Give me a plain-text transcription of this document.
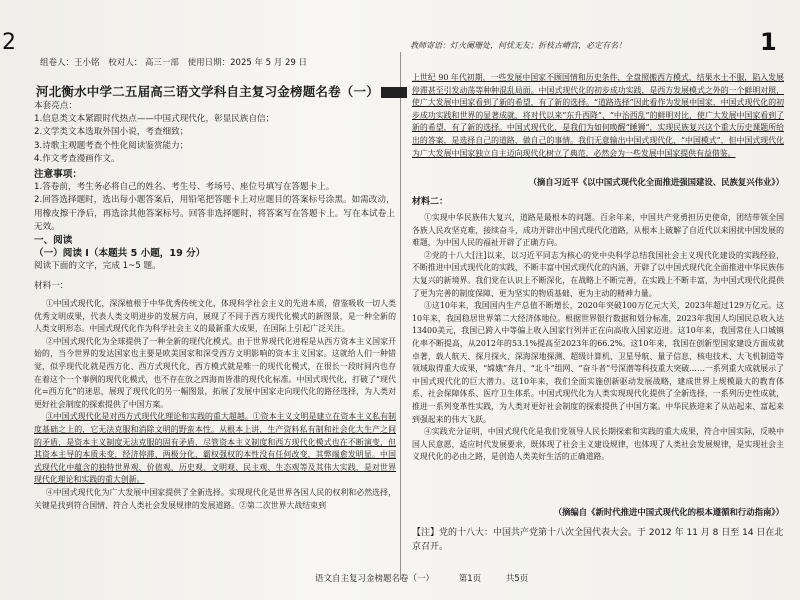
2	1
组卷人：王小铭 校对人： 高三一部 使用日期：2025 年 5 月 29 日
河北衡水中学二五届高三语文学科自主复习金榜题名卷（一）

本套亮点：

1.信息类文本紧跟时代热点——中国式现代化，彰显民族自信；

2.文学类文本选取外国小说，考查细致；

3.诗歌主观题考查个性化阅读鉴赏能力；

4.作文考查漫画作文。

注意事项：

1.答卷前，考生务必将自己的姓名、考生号、考场号、座位号填写在答题卡上。

2.回答选择题时，选出每小题答案后，用铅笔把答题卡上对应题目的答案标号涂黑。如需改动，用橡皮擦干净后，再选涂其他答案标号。回答非选择题时，将答案写在答题卡上。写在本试卷上无效。

一、阅读

（一）阅读 I（本题共 5 小题，19 分）

阅读下面的文字，完成 1~5 题。

材料一：

①中国式现代化，深深植根于中华优秀传统文化，体现科学社会主义的先进本质，借鉴吸收一切人类优秀文明成果，代表人类文明进步的发展方向，展现了不同于西方现代化模式的新图景，是一种全新的人类文明形态。中国式现代化作为科学社会主义的最新重大成果，在国际上引起广泛关注。

②中国式现代化为全球提供了一种全新的现代化模式。由于世界现代化进程是从西方资本主义国家开始的，当今世界的发达国家也主要是欧美国家和深受西方文明影响的资本主义国家。这就给人们一种错觉，似乎现代化就是西方化、西方式现代化，西方模式就是唯一的现代化模式，在很长一段时间内也存在着这个一个事例的现代化模式，也不存在放之四海而皆准的现代化标准。中国式现代化，打破了“现代化=西方化”的迷思，展现了现代化的另一幅图景，拓展了发展中国家走向现代化的路径选择，为人类对更好社会制度的探索提供了中国方案。

③中国式现代化是对西方式现代化理论和实践的重大超越。①资本主义文明是建立在资本主义私有制度基础之上的，它无法克服和消除文明的野蛮本性。从根本上讲，生产资料私有制和社会化大生产之间的矛盾，是资本主义制度无法克服的固有矛盾，尽管资本主义制度和西方现代化模式也在不断演变，但其资本主导的本质未变，经济停滞、两极分化、霸权强权的本性没有任何改变，其弊端愈发明显。中国式现代化中蕴含的独特世界观、价值观、历史观、文明观、民主观、生态观等及其伟大实践，是对世界现代化理论和实践的重大创新。

④中国式现代化为广大发展中国家提供了全新选择。实现现代化是世界各国人民的权利和必然选择，关键是找到符合国情、符合人类社会发展规律的发展道路。②第二次世界大战结束到

教师寄语：灯火阑珊处，何忧无友；折枝古嵴宫，必定有名！

上世纪 90 年代初期，一些发展中国家不顾国情和历史条件，全盘照搬西方模式，结果水土不服，陷入发展停滞甚至引发动荡等种种混乱局面。中国式现代化的初步成功实践，是西方发展模式之外的一个鲜明对照，使广大发展中国家看到了新的希望，有了新的选择。“道路选择”因此看作为发展中国家，中国式现代化的初步成功实践和世界的显著成就，将对代以来“东升西降”、“中治西乱”的鲜明对比，使广大发展中国家看到了新的希望，有了新的选择。中国式现代化，是我们为如何唤醒“睡狮”，实现民族复兴这个重大历史课题所给出的答案，是选择自己的道路、做自己的事情。我们无意输出中国式现代化、“中国模式”，但中国式现代化为广大发展中国家独立自主迈向现代化树立了典范，必然会为一些发展中国家提供有益借鉴。

（摘自习近平《以中国式现代化全面推进强国建设、民族复兴伟业》）

材料二：

①实现中华民族伟大复兴，道路是最根本的问题。百余年来，中国共产党勇担历史使命，团结带领全国各族人民攻坚克难，接续奋斗，成功开辟出中国式现代化道路，从根本上破解了自近代以来困扰中国发展的难题，为中国人民的福祉开辟了正确方向。

②党的十八大[注]以来，以习近平同志为核心的党中央科学总结我国社会主义现代化建设的实践经验，不断推进中国式现代化的实践，不断丰富中国式现代化的内涵，开辟了以中国式现代化全面推进中华民族伟大复兴的新境界。我们党在认识上不断深化，在战略上不断完善，在实践上不断丰富，为中国式现代化提供了更为完善的制度保障、更为坚实的物质基础、更为主动的精神力量。

③这10年来，我国国内生产总值不断增长，2020年突破100万亿元大关，2023年超过129万亿元。这10年来，我国稳居世界第二大经济体地位。根据世界银行数据和划分标准，2023年我国人均国民总收入达13400美元，我国已跨入中等偏上收入国家行列并正在向高收入国家迈进。这10年来，我国常住人口城镇化率不断提高，从2012年的53.1%提高至2023年的66.2%。这10年来，我国在创新型国家建设方面成就卓著，载人航天、探月探火、深海深地探测、超级计算机、卫星导航、量子信息、核电技术、大飞机制造等领域取得重大成果，“嫦娥”奔月、“北斗”组网、“奋斗者”号深潜等科技重大突破……一系列重大成就展示了中国式现代化的巨大潜力。这10年来，我们全面实施创新驱动发展战略，建成世界上规模最大的教育体系、社会保障体系、医疗卫生体系。中国式现代化为人类实现现代化提供了全新选择，一系列历史性成就，推进一系列变革性实践，为人类对更好社会制度的探索提供了中国方案。中华民族迎来了从站起来、富起来到强起来的伟大飞跃。

④实践充分证明，中国式现代化是我们党领导人民长期探索和实践的重大成果，符合中国实际，反映中国人民意愿，适应时代发展要求，既体现了社会主义建设规律，也体现了人类社会发展规律，是实现社会主义现代化的必由之路，是创造人类美好生活的正确道路。

（摘编自《新时代推进中国式现代化的根本遵循和行动指南》）
【注】党的十八大：中国共产党第十八次全国代表大会。于 2012 年 11 月 8 日至 14 日在北京召开。
语文自主复习金榜题名卷（一）	第1页	共5页
